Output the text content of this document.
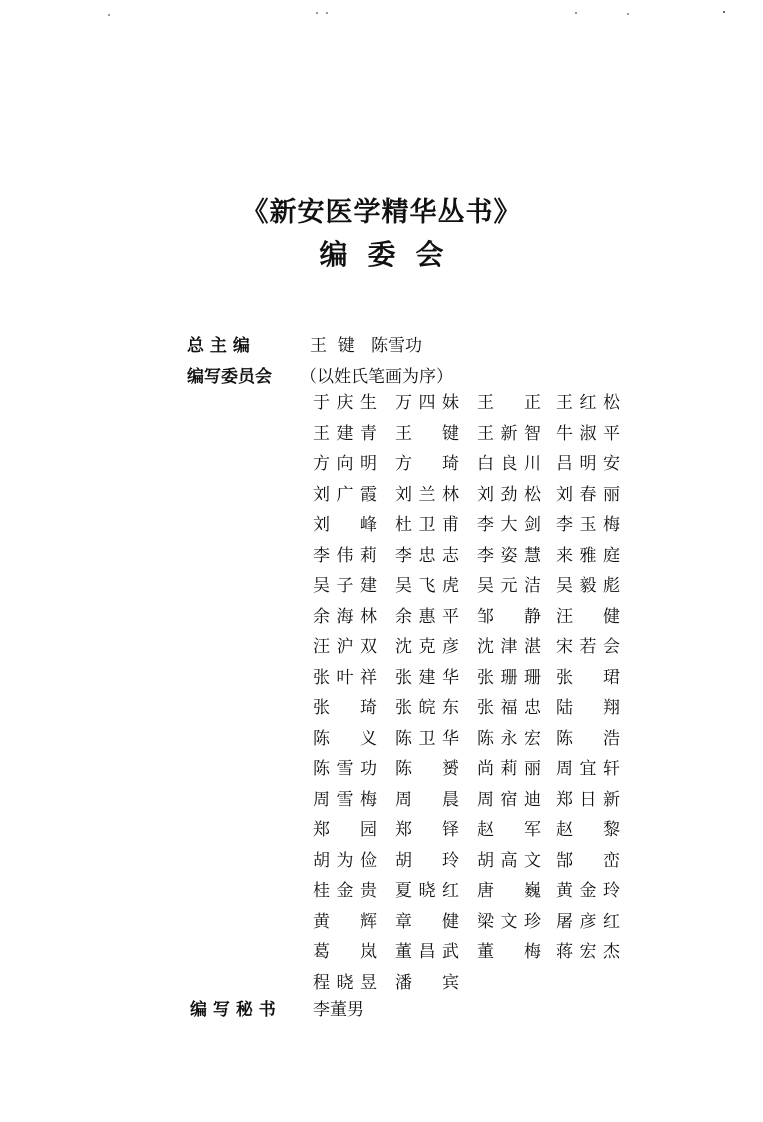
《新安医学精华丛书》
编委会
总 主 编	王  键   陈雪功
编写委员会 （以姓氏笔画为序）
于庆生 万四妹 王 正 王红松
王建青 王 键 王新智 牛淑平
方向明 方 琦 白良川 吕明安
刘广霞 刘兰林 刘劲松 刘春丽
刘 峰 杜卫甫 李大剑 李玉梅
李伟莉 李忠志 李姿慧 来雅庭
吴子建 吴飞虎 吴元洁 吴毅彪
余海林 余惠平 邹 静 汪 健
汪沪双 沈克彦 沈津湛 宋若会
张叶祥 张建华 张珊珊 张 珺
张 琦 张皖东 张福忠 陆 翔
陈 义 陈卫华 陈永宏 陈 浩
陈雪功 陈 赟 尚莉丽 周宜轩
周雪梅 周 晨 周宿迪 郑日新
郑 园 郑 铎 赵 军 赵 黎
胡为俭 胡 玲 胡高文 郜 峦
桂金贵 夏晓红 唐 巍 黄金玲
黄 辉 章 健 梁文珍 屠彦红
葛 岚 董昌武 董 梅 蒋宏杰
程晓昱 潘 宾
编 写 秘 书 李董男
